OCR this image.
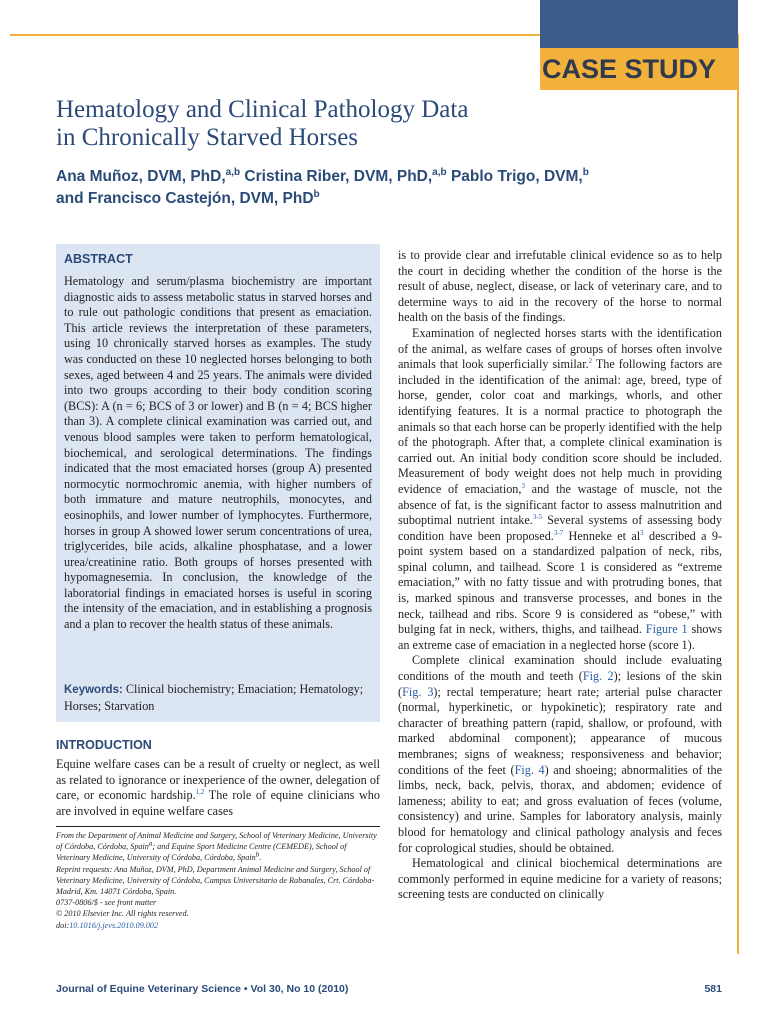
CASE STUDY
Hematology and Clinical Pathology Data
in Chronically Starved Horses
Ana Muñoz, DVM, PhD,$^{a,b}$ Cristina Riber, DVM, PhD,$^{a,b}$ Pablo Trigo, DVM,$^b$
and Francisco Castejón, DVM, PhD$^b$
ABSTRACT
Hematology and serum/plasma biochemistry are important diagnostic aids to assess metabolic status in starved horses and to rule out pathologic conditions that present as emaciation. This article reviews the interpretation of these parameters, using 10 chronically starved horses as examples. The study was conducted on these 10 neglected horses belonging to both sexes, aged between 4 and 25 years. The animals were divided into two groups according to their body condition scoring (BCS): A (n = 6; BCS of 3 or lower) and B (n = 4; BCS higher than 3). A complete clinical examination was carried out, and venous blood samples were taken to perform hematological, biochemical, and serological determinations. The findings indicated that the most emaciated horses (group A) presented normocytic normochromic anemia, with higher numbers of both immature and mature neutrophils, monocytes, and eosinophils, and lower number of lymphocytes. Furthermore, horses in group A showed lower serum concentrations of urea, triglycerides, bile acids, alkaline phosphatase, and a lower urea/creatinine ratio. Both groups of horses presented with hypomagnesemia. In conclusion, the knowledge of the laboratorial findings in emaciated horses is useful in scoring the intensity of the emaciation, and in establishing a prognosis and a plan to recover the health status of these animals.
Keywords: Clinical biochemistry; Emaciation; Hematology; Horses; Starvation
INTRODUCTION
Equine welfare cases can be a result of cruelty or neglect, as well as related to ignorance or inexperience of the owner, delegation of care, or economic hardship.$^{1,2}$ The role of equine clinicians who are involved in equine welfare cases

From the Department of Animal Medicine and Surgery, School of Veterinary Medicine, University of Córdoba, Córdoba, Spain$^a$; and Equine Sport Medicine Centre (CEMEDE), School of Veterinary Medicine, University of Córdoba, Córdoba, Spain$^b$.

Reprint requests: Ana Muñoz, DVM, PhD, Department Animal Medicine and Surgery, School of Veterinary Medicine, University of Córdoba, Campus Universitario de Rabanales, Crt. Córdoba-Madrid, Km. 14071 Córdoba, Spain.

0737-0806/$ - see front matter

© 2010 Elsevier Inc. All rights reserved.

doi:10.1016/j.jevs.2010.09.002

is to provide clear and irrefutable clinical evidence so as to help the court in deciding whether the condition of the horse is the result of abuse, neglect, disease, or lack of veterinary care, and to determine ways to aid in the recovery of the horse to normal health on the basis of the findings.

Examination of neglected horses starts with the identification of the animal, as welfare cases of groups of horses often involve animals that look superficially similar.$^2$ The following factors are included in the identification of the animal: age, breed, type of horse, gender, color coat and markings, whorls, and other identifying features. It is a normal practice to photograph the animals so that each horse can be properly identified with the help of the photograph. After that, a complete clinical examination is carried out. An initial body condition score should be included. Measurement of body weight does not help much in providing evidence of emaciation,$^3$ and the wastage of muscle, not the absence of fat, is the significant factor to assess malnutrition and suboptimal nutrient intake.$^{3-5}$ Several systems of assessing body condition have been proposed.$^{3-7}$ Henneke et $al^3$ described a 9-point system based on a standardized palpation of neck, ribs, spinal column, and tailhead. Score 1 is considered as “extreme emaciation,” with no fatty tissue and with protruding bones, that is, marked spinous and transverse processes, and bones in the neck, tailhead and ribs. Score 9 is considered as “obese,” with bulging fat in neck, withers, thighs, and tailhead. Figure 1 shows an extreme case of emaciation in a neglected horse (score 1).

Complete clinical examination should include evaluating conditions of the mouth and teeth (Fig. 2); lesions of the skin (Fig. 3); rectal temperature; heart rate; arterial pulse character (normal, hyperkinetic, or hypokinetic); respiratory rate and character of breathing pattern (rapid, shallow, or profound, with marked abdominal component); appearance of mucous membranes; signs of weakness; responsiveness and behavior; conditions of the feet (Fig. 4) and shoeing; abnormalities of the limbs, neck, back, pelvis, thorax, and abdomen; evidence of lameness; ability to eat; and gross evaluation of feces (volume, consistency) and urine. Samples for laboratory analysis, mainly blood for hematology and clinical pathology analysis and feces for coprological studies, should be obtained.

Hematological and clinical biochemical determinations are commonly performed in equine medicine for a variety of reasons; screening tests are conducted on clinically

Journal of Equine Veterinary Science • Vol 30, No 10 (2010)	581
